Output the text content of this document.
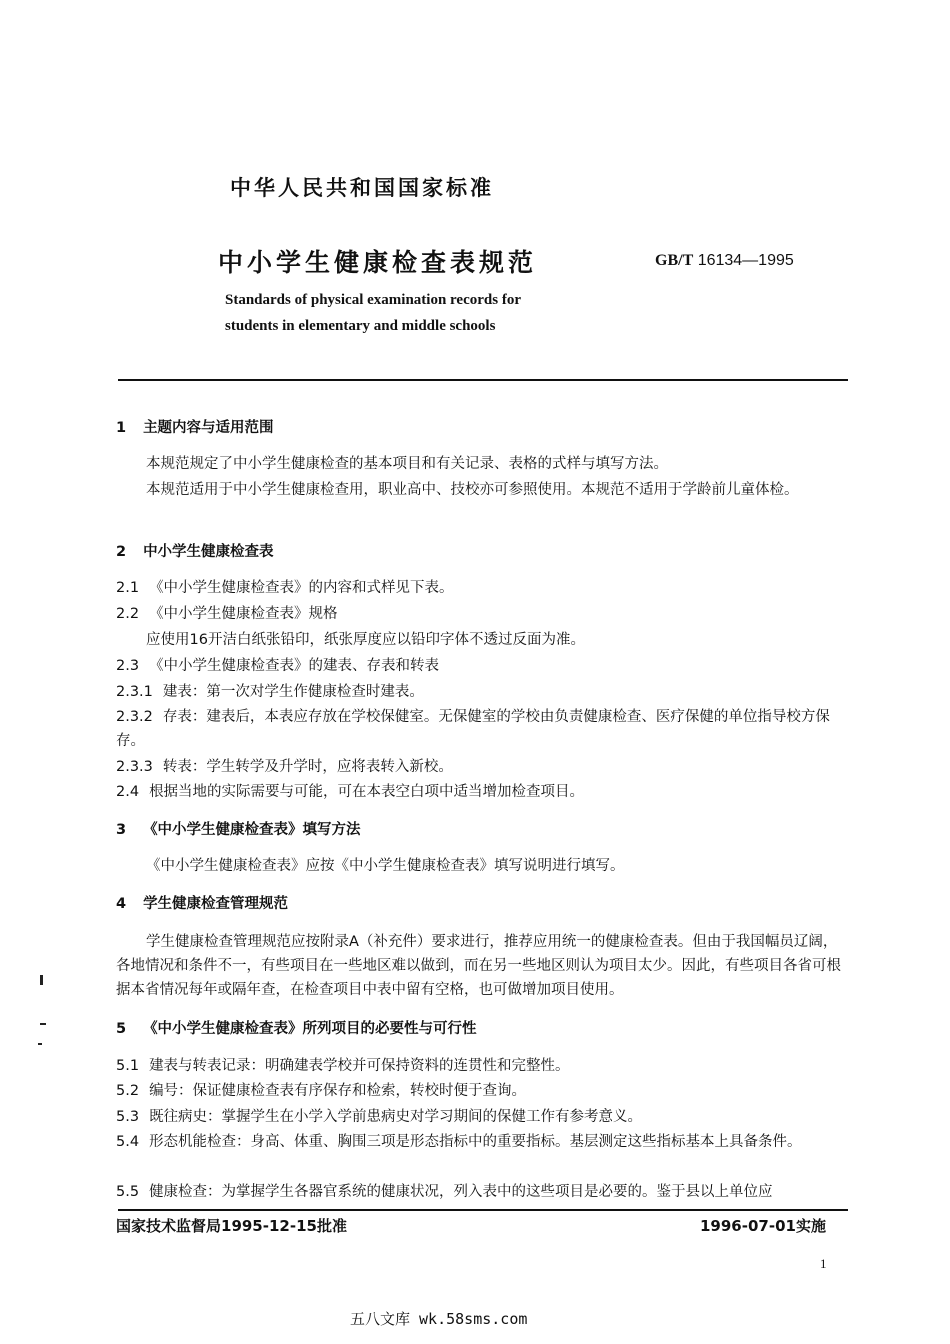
中华人民共和国国家标准
中小学生健康检查表规范	GB/T 16134—1995
Standards of physical examination records for
students in elementary and middle schools
1 主题内容与适用范围
本规范规定了中小学生健康检查的基本项目和有关记录、表格的式样与填写方法。
本规范适用于中小学生健康检查用，职业高中、技校亦可参照使用。本规范不适用于学龄前儿童体检。
2 中小学生健康检查表
2.1 《中小学生健康检查表》的内容和式样见下表。
2.2 《中小学生健康检查表》规格
应使用16开洁白纸张铅印，纸张厚度应以铅印字体不透过反面为准。
2.3 《中小学生健康检查表》的建表、存表和转表
2.3.1 建表：第一次对学生作健康检查时建表。
2.3.2 存表：建表后，本表应存放在学校保健室。无保健室的学校由负责健康检查、医疗保健的单位指导校方保存。
2.3.3 转表：学生转学及升学时，应将表转入新校。
2.4 根据当地的实际需要与可能，可在本表空白项中适当增加检查项目。
3 《中小学生健康检查表》填写方法
《中小学生健康检查表》应按《中小学生健康检查表》填写说明进行填写。
4 学生健康检查管理规范
学生健康检查管理规范应按附录A（补充件）要求进行，推荐应用统一的健康检查表。但由于我国幅员辽阔，各地情况和条件不一，有些项目在一些地区难以做到，而在另一些地区则认为项目太少。因此，有些项目各省可根据本省情况每年或隔年查，在检查项目中表中留有空格，也可做增加项目使用。
5 《中小学生健康检查表》所列项目的必要性与可行性
5.1 建表与转表记录：明确建表学校并可保持资料的连贯性和完整性。
5.2 编号：保证健康检查表有序保存和检索，转校时便于查询。
5.3 既往病史：掌握学生在小学入学前患病史对学习期间的保健工作有参考意义。
5.4 形态机能检查：身高、体重、胸围三项是形态指标中的重要指标。基层测定这些指标基本上具备条件。
5.5 健康检查：为掌握学生各器官系统的健康状况，列入表中的这些项目是必要的。鉴于县以上单位应
国家技术监督局1995-12-15批准	1996-07-01实施
1
五八文库 wk.58sms.com
